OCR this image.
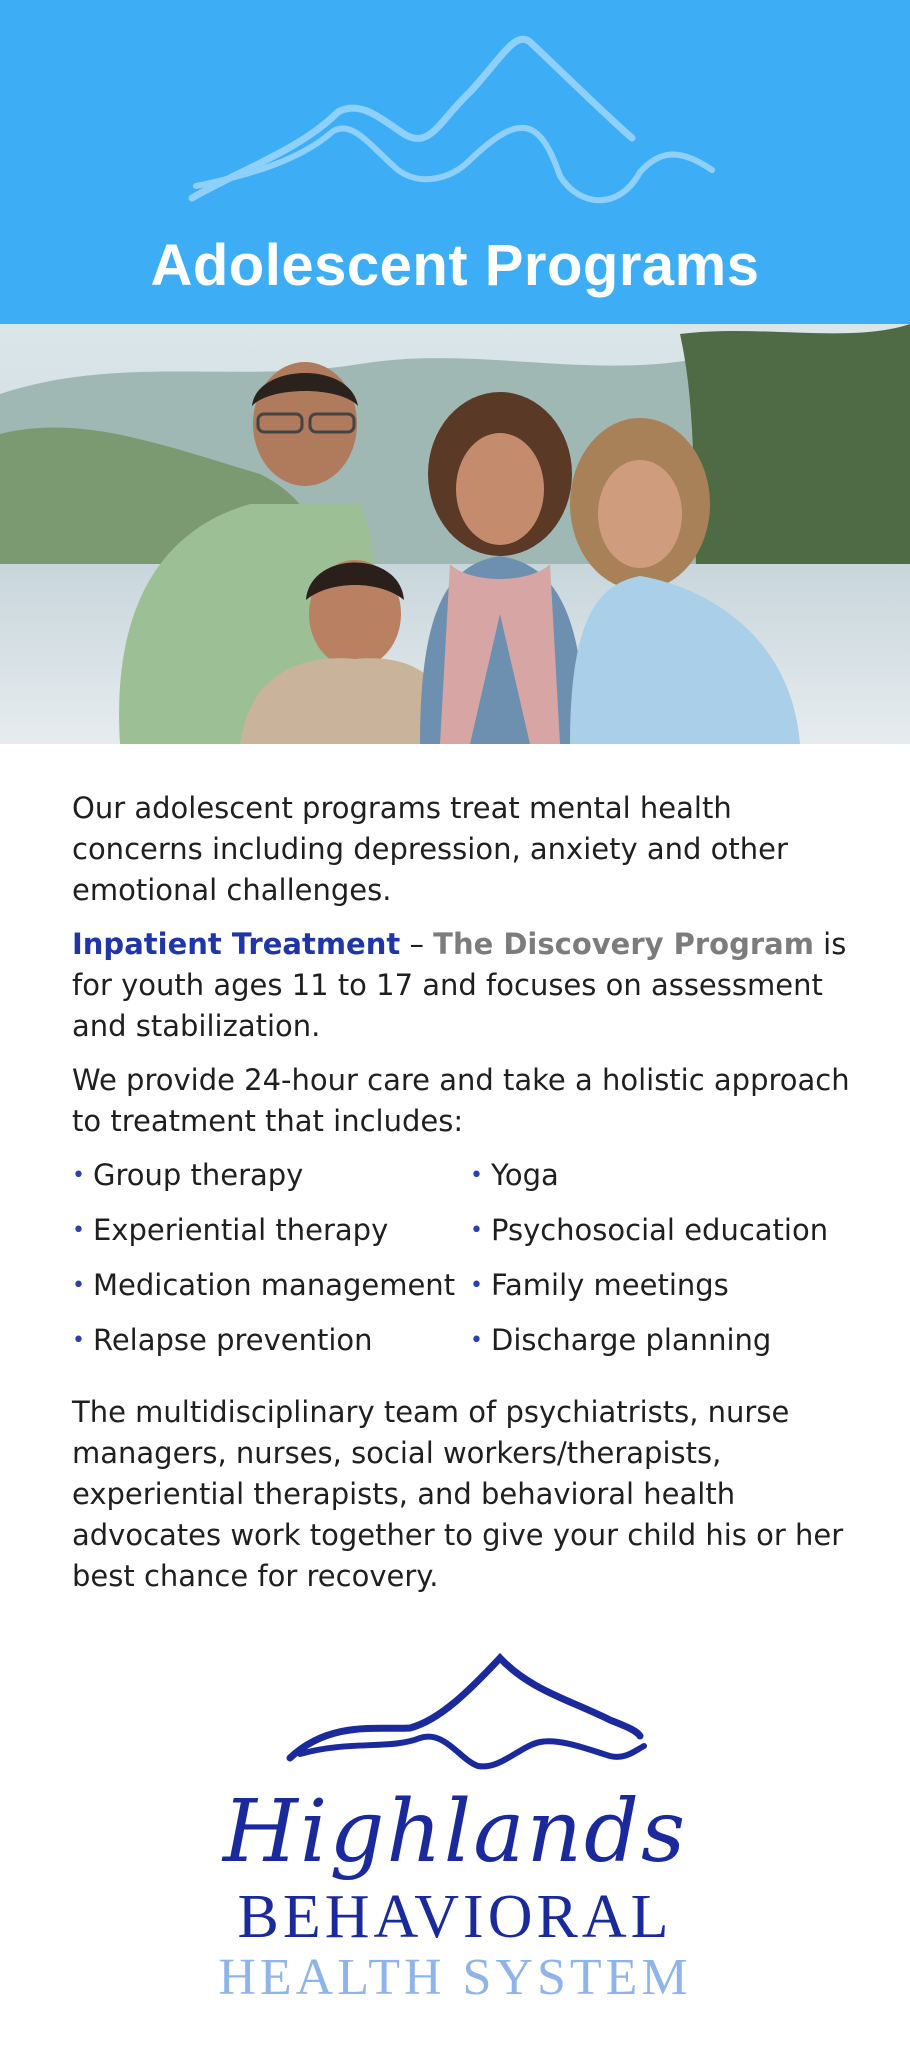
Adolescent Programs

Our adolescent programs treat mental health concerns including depression, anxiety and other emotional challenges.

Inpatient Treatment – The Discovery Program is for youth ages 11 to 17 and focuses on assessment and stabilization.

We provide 24-hour care and take a holistic approach to treatment that includes:

• Group therapy	• Yoga
• Experiential therapy	• Psychosocial education
• Medication management • Family meetings
• Relapse prevention	• Discharge planning

The multidisciplinary team of psychiatrists, nurse managers, nurses, social workers/therapists, experiential therapists, and behavioral health advocates work together to give your child his or her best chance for recovery.

Highlands
BEHAVIORAL
HEALTH SYSTEM
